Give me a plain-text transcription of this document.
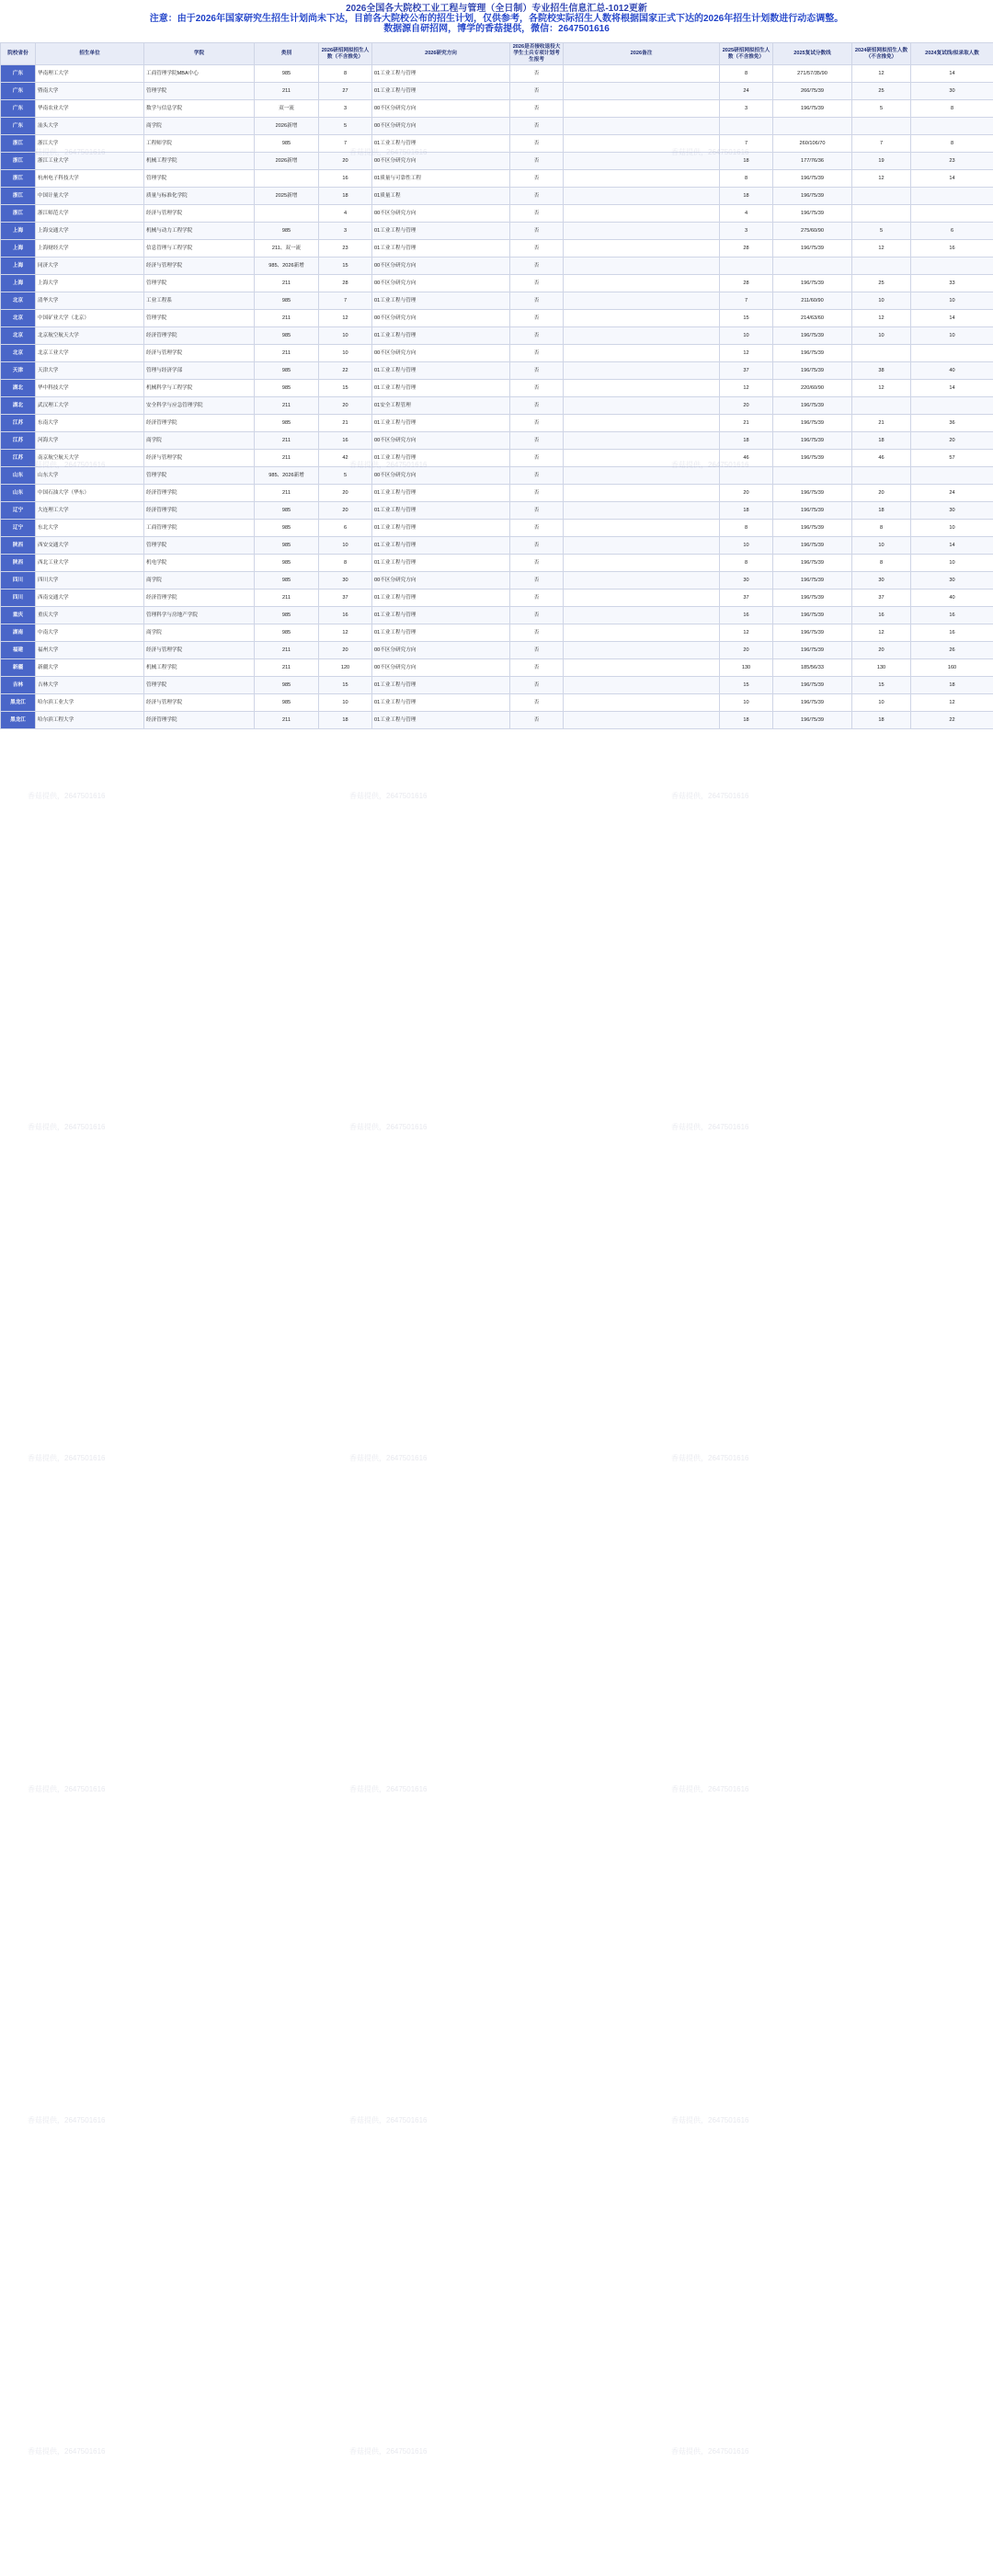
2026全国各大院校工业工程与管理（全日制）专业招生信息汇总-1012更新
注意：由于2026年国家研究生招生计划尚未下达，目前各大院校公布的招生计划，仅供参考，各院校实际招生人数将根据国家正式下达的2026年招生计划数进行动态调整。
数据源自研招网，博学的香菇提供，微信：2647501616
院校省份	招生单位	学院	类别	2026研招网拟招生人数（不含推免）	2026研究方向	2026是否接收退役大学生士兵专项计划考生报考	2026备注	2025研招网拟招生人数（不含推免）	2025复试分数线	2024研招网拟招生人数（不含推免）	2024复试线/拟录取人数
广东	华南理工大学	工商管理学院MBA中心	985	8	01工业工程与管理	否		8	271/57/35/90	12	14
广东	暨南大学	管理学院	211	27	01工业工程与管理	否		24	266/75/39	25	30
广东	华南农业大学	数学与信息学院	双一流	3	00不区分研究方向	否		3	196/75/39	5	8
广东	汕头大学	商学院	2026新增	5	00不区分研究方向	否					
浙江	浙江大学	工程师学院	985	7	01工业工程与管理	否		7	260/106/70	7	8
浙江	浙江工业大学	机械工程学院	2026新增	20	00不区分研究方向	否		18	177/76/36	19	23
浙江	杭州电子科技大学	管理学院		16	01质量与可靠性工程	否		8	196/75/39	12	14
浙江	中国计量大学	质量与标准化学院	2025新增	18	01质量工程	否		18	196/75/39		
浙江	浙江师范大学	经济与管理学院		4	00不区分研究方向	否		4	196/75/39		
上海	上海交通大学	机械与动力工程学院	985	3	01工业工程与管理	否		3	275/60/90	5	6
上海	上海财经大学	信息管理与工程学院	211、双一流	23	01工业工程与管理	否		28	196/75/39	12	16
上海	同济大学	经济与管理学院	985、2026新增	15	00不区分研究方向	否					
上海	上海大学	管理学院	211	28	00不区分研究方向	否		28	196/75/39	25	33
北京	清华大学	工业工程系	985	7	01工业工程与管理	否		7	211/60/90	10	10
北京	中国矿业大学（北京）	管理学院	211	12	00不区分研究方向	否		15	214/63/60	12	14
北京	北京航空航天大学	经济管理学院	985	10	01工业工程与管理	否		10	196/75/39	10	10
北京	北京工业大学	经济与管理学院	211	10	00不区分研究方向	否		12	196/75/39		
天津	天津大学	管理与经济学部	985	22	01工业工程与管理	否		37	196/75/39	38	40
湖北	华中科技大学	机械科学与工程学院	985	15	01工业工程与管理	否		12	220/60/90	12	14
湖北	武汉理工大学	安全科学与应急管理学院	211	20	01安全工程管理	否		20	196/75/39		
江苏	东南大学	经济管理学院	985	21	01工业工程与管理	否		21	196/75/39	21	36
江苏	河海大学	商学院	211	16	00不区分研究方向	否		18	196/75/39	18	20
江苏	南京航空航天大学	经济与管理学院	211	42	01工业工程与管理	否		46	196/75/39	46	57
山东	山东大学	管理学院	985、2026新增	5	00不区分研究方向	否					
山东	中国石油大学（华东）	经济管理学院	211	20	01工业工程与管理	否		20	196/75/39	20	24
辽宁	大连理工大学	经济管理学院	985	20	01工业工程与管理	否		18	196/75/39	18	30
辽宁	东北大学	工商管理学院	985	6	01工业工程与管理	否		8	196/75/39	8	10
陕西	西安交通大学	管理学院	985	10	01工业工程与管理	否		10	196/75/39	10	14
陕西	西北工业大学	机电学院	985	8	01工业工程与管理	否		8	196/75/39	8	10
四川	四川大学	商学院	985	30	00不区分研究方向	否		30	196/75/39	30	30
四川	西南交通大学	经济管理学院	211	37	01工业工程与管理	否		37	196/75/39	37	40
重庆	重庆大学	管理科学与房地产学院	985	16	01工业工程与管理	否		16	196/75/39	16	16
湖南	中南大学	商学院	985	12	01工业工程与管理	否		12	196/75/39	12	16
福建	福州大学	经济与管理学院	211	20	00不区分研究方向	否		20	196/75/39	20	26
新疆	新疆大学	机械工程学院	211	120	00不区分研究方向	否		130	185/56/33	130	160
吉林	吉林大学	管理学院	985	15	01工业工程与管理	否		15	196/75/39	15	18
黑龙江	哈尔滨工业大学	经济与管理学院	985	10	01工业工程与管理	否		10	196/75/39	10	12
黑龙江	哈尔滨工程大学	经济管理学院	211	18	01工业工程与管理	否		18	196/75/39	18	22
香菇提供，2647501616	香菇提供，2647501616	香菇提供，2647501616
香菇提供，2647501616	香菇提供，2647501616	香菇提供，2647501616
香菇提供，2647501616	香菇提供，2647501616	香菇提供，2647501616
香菇提供，2647501616	香菇提供，2647501616	香菇提供，2647501616
香菇提供，2647501616	香菇提供，2647501616	香菇提供，2647501616
香菇提供，2647501616	香菇提供，2647501616	香菇提供，2647501616
